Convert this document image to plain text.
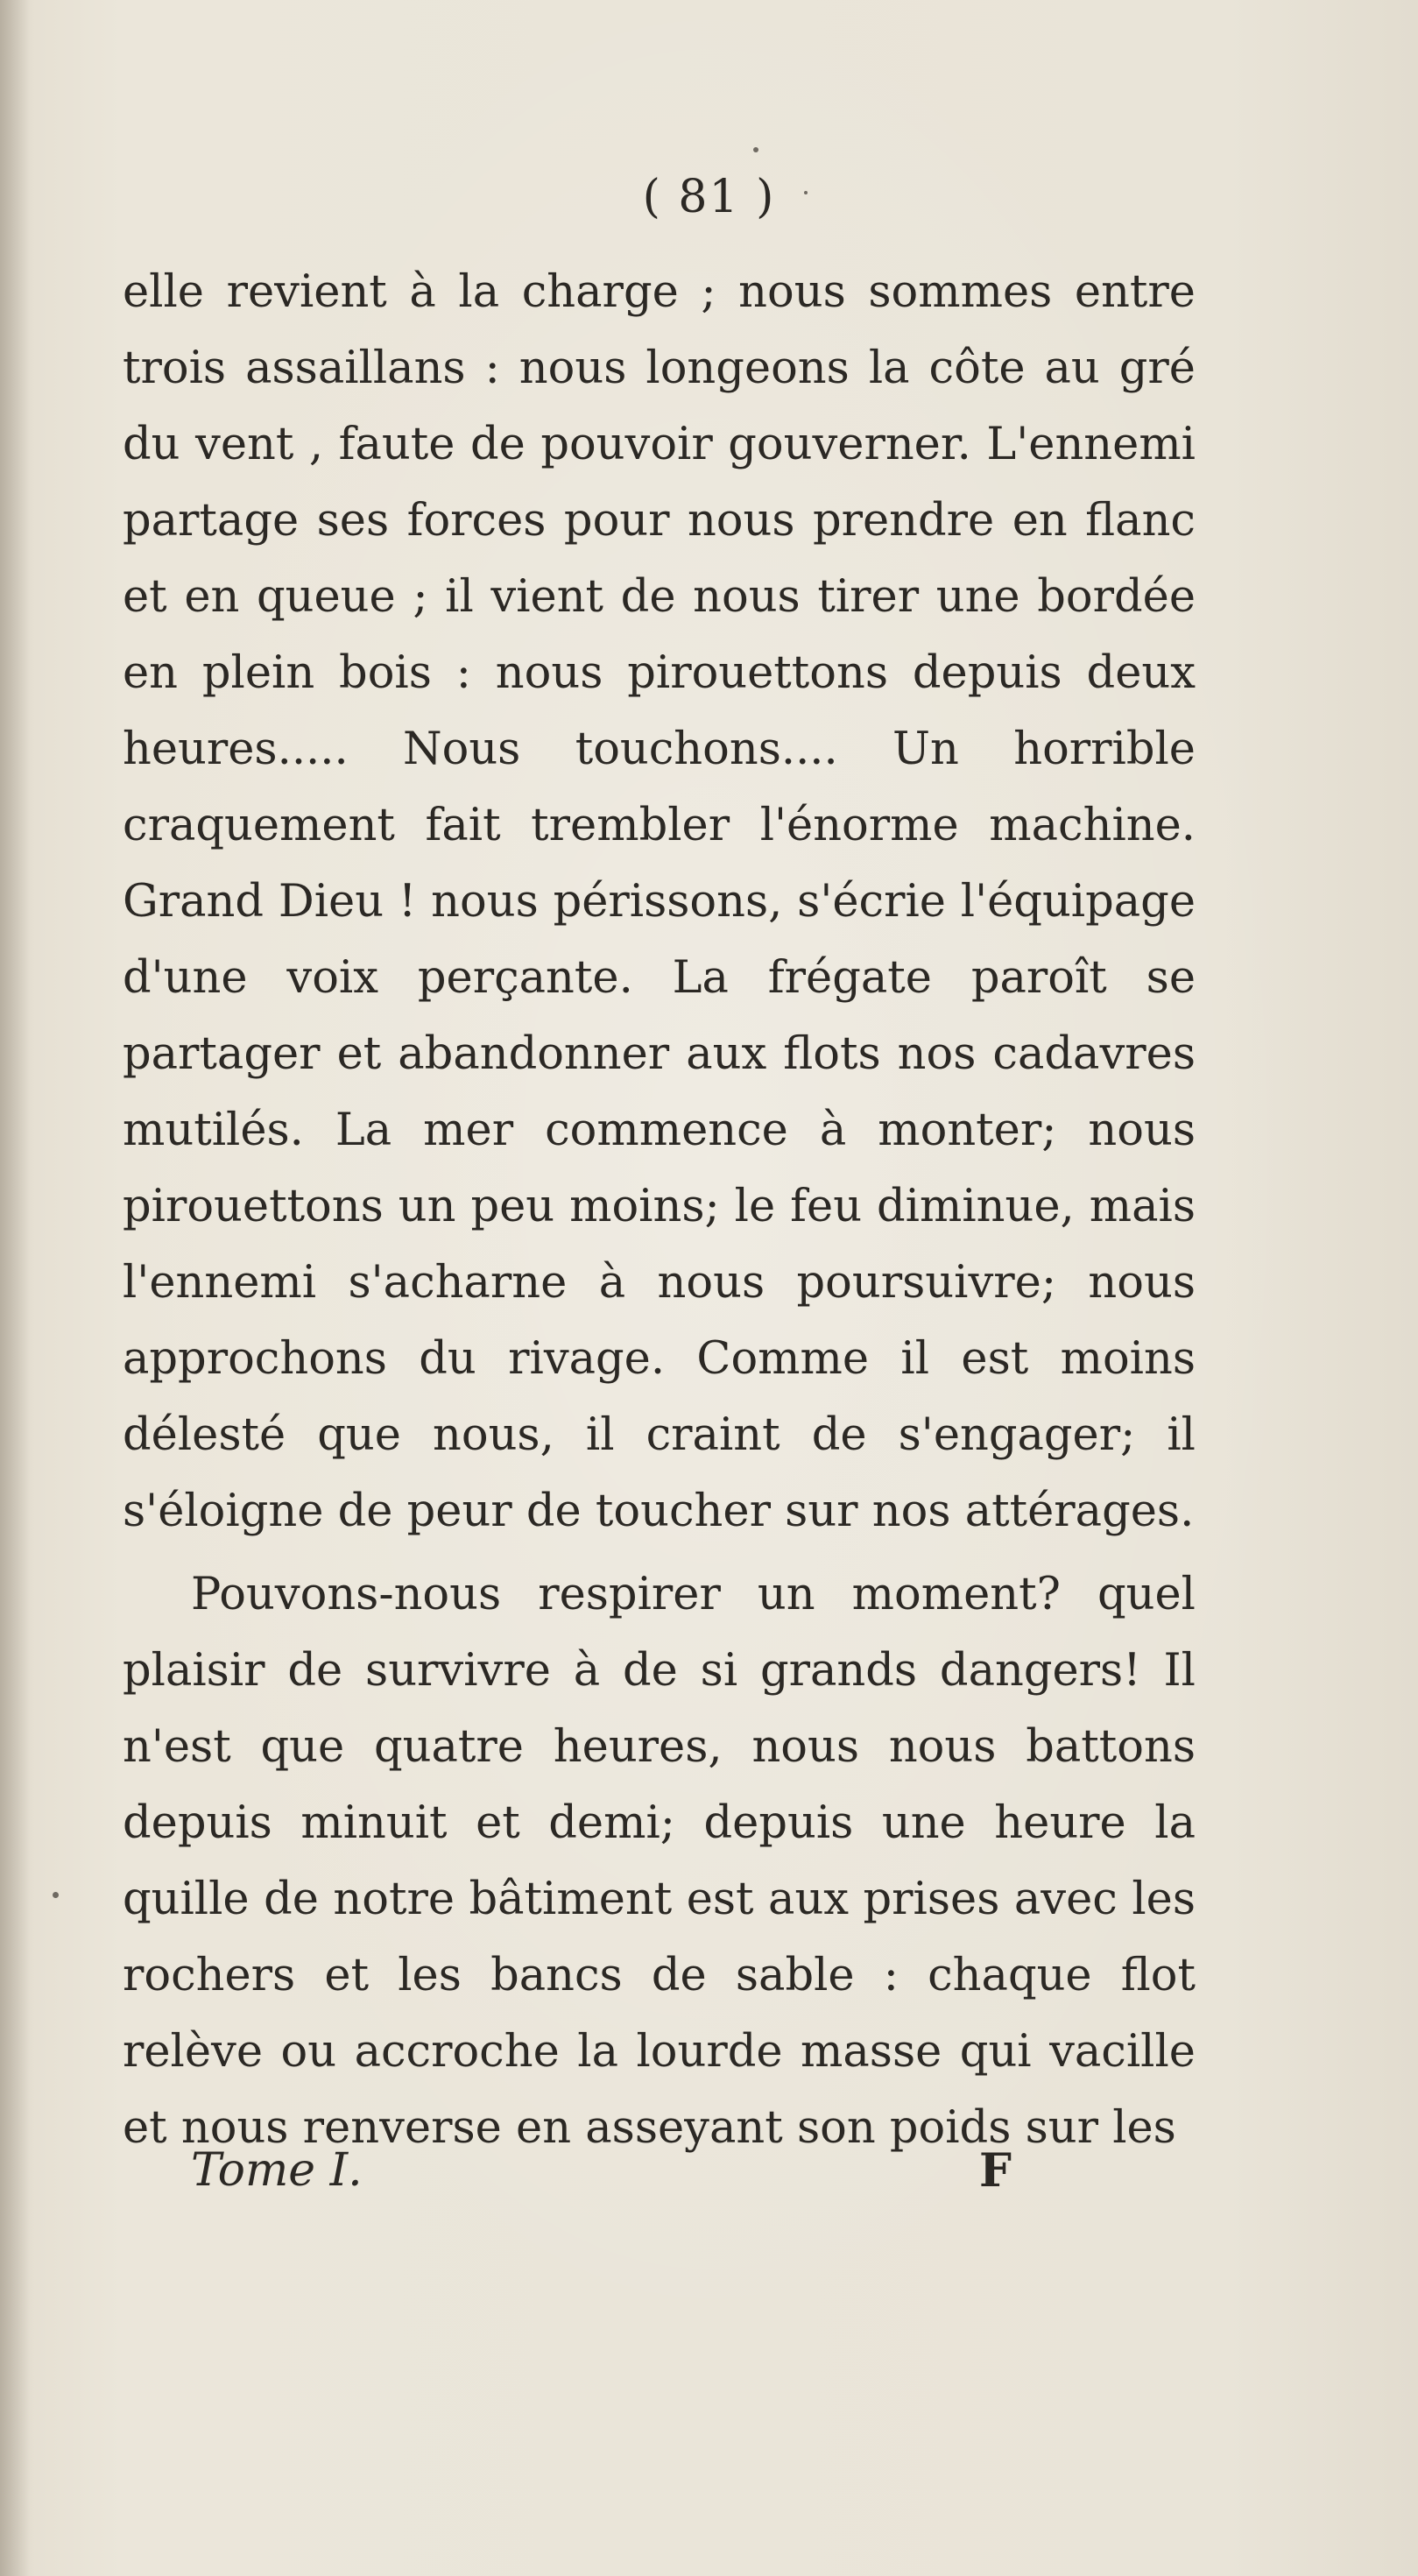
( 81 )

elle revient à la charge ; nous sommes entre trois assaillans : nous longeons la côte au gré du vent , faute de pouvoir gouverner. L'ennemi partage ses forces pour nous prendre en flanc et en queue ; il vient de nous tirer une bordée en plein bois : nous pirouettons depuis deux heures..... Nous touchons.... Un horrible craquement fait trembler l'énorme machine. Grand Dieu ! nous périssons, s'écrie l'équipage d'une voix perçante. La frégate paroît se partager et abandonner aux flots nos cadavres mutilés. La mer commence à monter; nous pirouettons un peu moins; le feu diminue, mais l'ennemi s'acharne à nous poursuivre; nous approchons du rivage. Comme il est moins délesté que nous, il craint de s'engager; il s'éloigne de peur de toucher sur nos attérages.

Pouvons-nous respirer un moment? quel plaisir de survivre à de si grands dangers! Il n'est que quatre heures, nous nous battons depuis minuit et demi; depuis une heure la quille de notre bâtiment est aux prises avec les rochers et les bancs de sable : chaque flot relève ou accroche la lourde masse qui vacille et nous renverse en asseyant son poids sur les

Tome I.	F
